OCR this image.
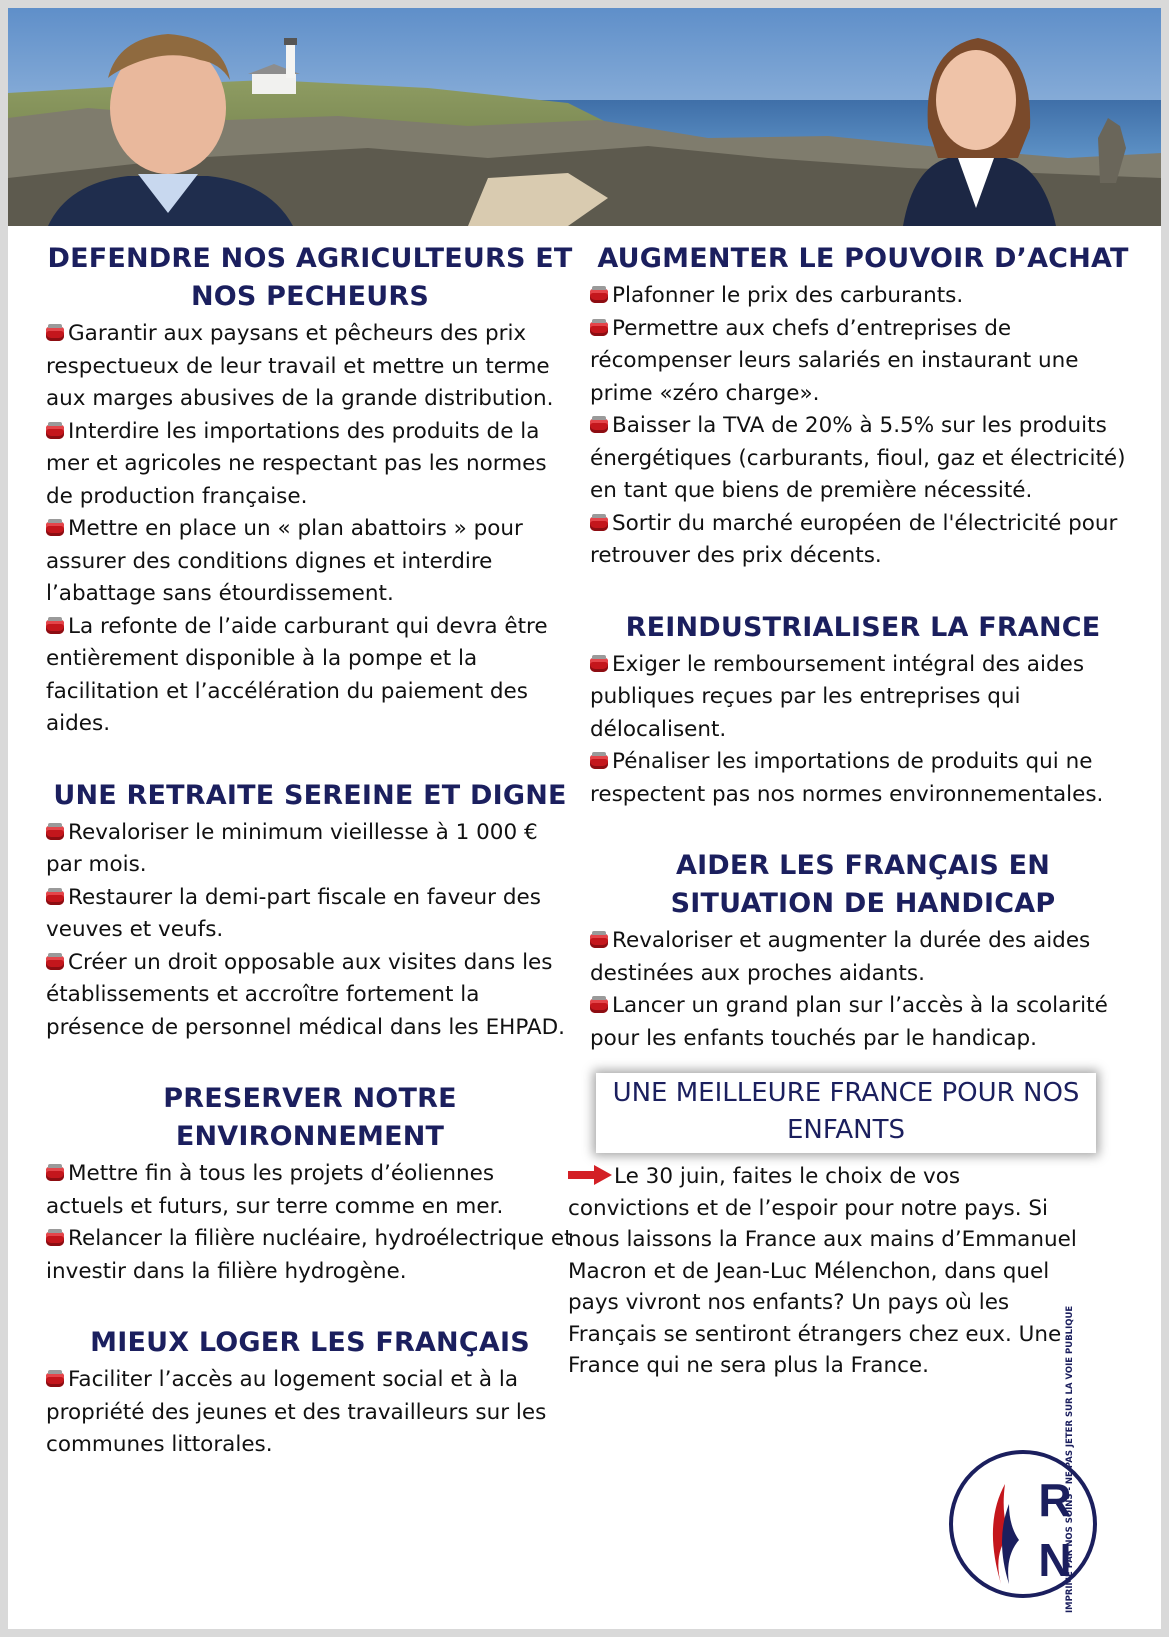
DEFENDRE NOS AGRICULTEURS ET NOS PECHEURS

Garantir aux paysans et pêcheurs des prix respectueux de leur travail et mettre un terme aux marges abusives de la grande distribution.

Interdire les importations des produits de la mer et agricoles ne respectant pas les normes de production française.

Mettre en place un « plan abattoirs » pour assurer des conditions dignes et interdire l’abattage sans étourdissement.

La refonte de l’aide carburant qui devra être entièrement disponible à la pompe et la facilitation et l’accélération du paiement des aides.

UNE RETRAITE SEREINE ET DIGNE

Revaloriser le minimum vieillesse à 1 000 € par mois.

Restaurer la demi-part fiscale en faveur des veuves et veufs.

Créer un droit opposable aux visites dans les établissements et accroître fortement la présence de personnel médical dans les EHPAD.

PRESERVER NOTRE ENVIRONNEMENT

Mettre fin à tous les projets d’éoliennes actuels et futurs, sur terre comme en mer.

Relancer la filière nucléaire, hydroélectrique et investir dans la filière hydrogène.

MIEUX LOGER LES FRANÇAIS

Faciliter l’accès au logement social et à la propriété des jeunes et des travailleurs sur les communes littorales.

AUGMENTER LE POUVOIR D’ACHAT

Plafonner le prix des carburants.

Permettre aux chefs d’entreprises de récompenser leurs salariés en instaurant une prime «zéro charge».

Baisser la TVA de 20% à 5.5% sur les produits énergétiques (carburants, fioul, gaz et électricité) en tant que biens de première nécessité.

Sortir du marché européen de l'électricité pour retrouver des prix décents.

REINDUSTRIALISER LA FRANCE

Exiger le remboursement intégral des aides publiques reçues par les entreprises qui délocalisent.

Pénaliser les importations de produits qui ne respectent pas nos normes environnementales.

AIDER LES FRANÇAIS EN SITUATION DE HANDICAP

Revaloriser et augmenter la durée des aides destinées aux proches aidants.

Lancer un grand plan sur l’accès à la scolarité pour les enfants touchés par le handicap.

UNE MEILLEURE FRANCE POUR NOS ENFANTS

Le 30 juin, faites le choix de vos convictions et de l’espoir pour notre pays. Si nous laissons la France aux mains d’Emmanuel Macron et de Jean-Luc Mélenchon, dans quel pays vivront nos enfants? Un pays où les Français se sentiront étrangers chez eux. Une France qui ne sera plus la France.

R
N
IMPRIMÉ PAR NOS SOINS - NE PAS JETER SUR LA VOIE PUBLIQUE
